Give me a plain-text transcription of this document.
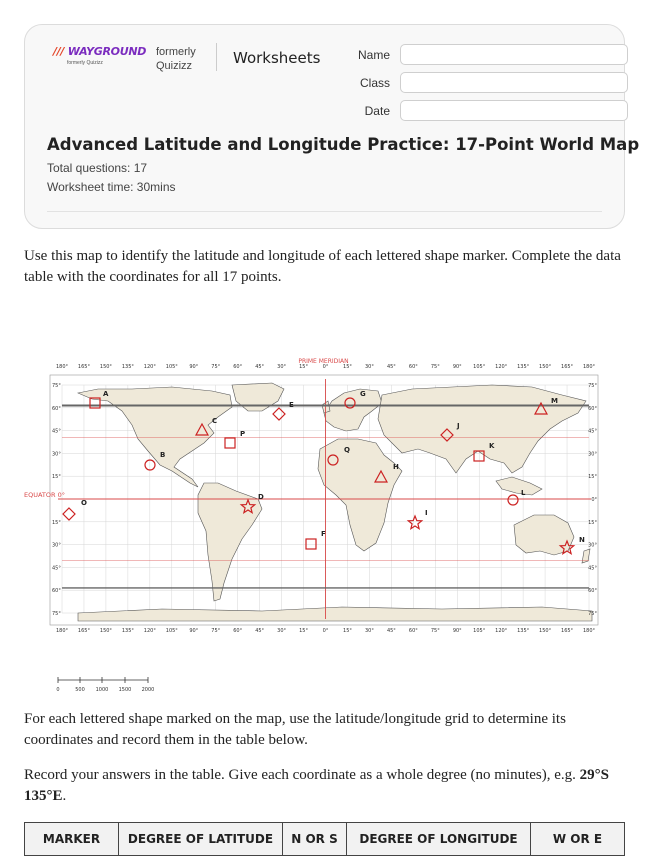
/// WAYGROUND
formerly Quizizz
formerly
Quizizz	Worksheets	Name
Class
Date
Advanced Latitude and Longitude Practice: 17-Point World Map
Total questions: 17
Worksheet time: 30mins
Use this map to identify the latitude and longitude of each lettered shape marker. Complete the data table with the coordinates for all 17 points.
180°
180°
165°
165°
150°
150°
135°
135°
120°
120°
105°
105°
90°
90°
75°
75°
60°
60°
45°
45°
30°
30°
15°
15°
0°
0°
15°
15°
30°
30°
45°
45°
60°
60°
75°
75°
90°
90°
105°
105°
120°
120°
135°
135°
150°
150°
165°
165°
180°
180°
75°
60°
45°
30°
15°
15°
30°
45°
60°
75°
75°
60°
45°
30°
15°
0°
15°
30°
45°
60°
75°
PRIME MERIDIAN
EQUATOR 0°
A
B
C
D
E
F
G
H
I
J
K
L
M
N
O
P
Q
0	500 1000 1500 2000
For each lettered shape marked on the map, use the latitude/longitude grid to determine its coordinates and record them in the table below.
Record your answers in the table. Give each coordinate as a whole degree (no minutes), e.g. 29°S 135°E.
MARKER	DEGREE OF LATITUDE	N OR S	DEGREE OF LONGITUDE	W OR E
